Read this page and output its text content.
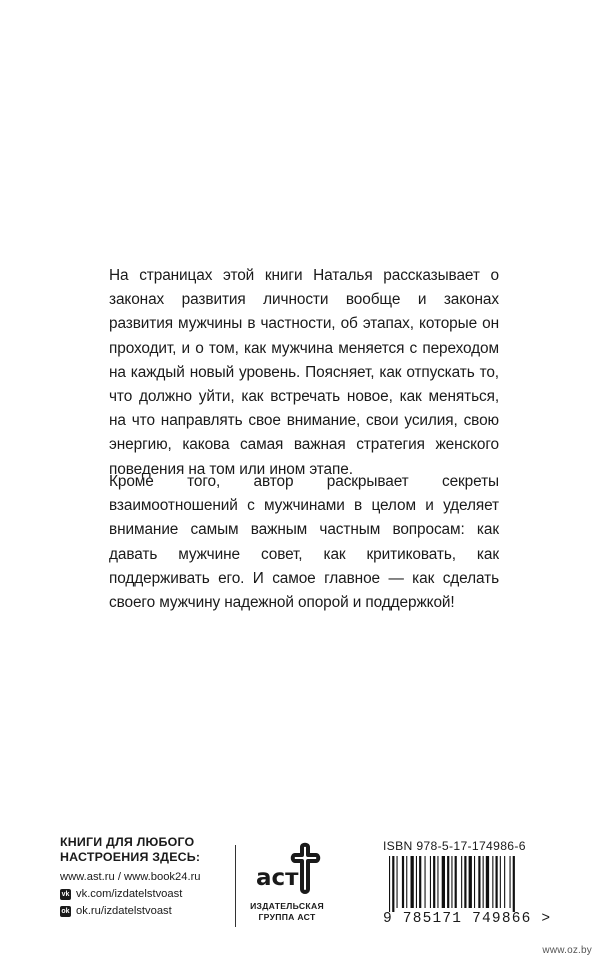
На страницах этой книги Наталья рассказывает о законах развития личности вообще и законах развития мужчины в частности, об этапах, которые он проходит, и о том, как мужчина меняется с переходом на каждый новый уровень. Поясняет, как отпускать то, что должно уйти, как встречать новое, как меняться, на что направлять свое внимание, свои усилия, свою энергию, какова самая важная стратегия женского поведения на том или ином этапе.

Кроме того, автор раскрывает секреты взаимоотношений с мужчинами в целом и уделяет внимание самым важным частным вопросам: как давать мужчине совет, как критиковать, как поддерживать его. И самое главное — как сделать своего мужчину надежной опорой и поддержкой!

КНИГИ ДЛЯ ЛЮБОГО
НАСТРОЕНИЯ ЗДЕСЬ:
www.ast.ru / www.book24.ru
vk vk.com/izdatelstvoast
ok ok.ru/izdatelstvoast
аст
ИЗДАТЕЛЬСКАЯ
ГРУППА АСТ
ISBN 978-5-17-174986-6
9 785171 749866 >
www.oz.by
